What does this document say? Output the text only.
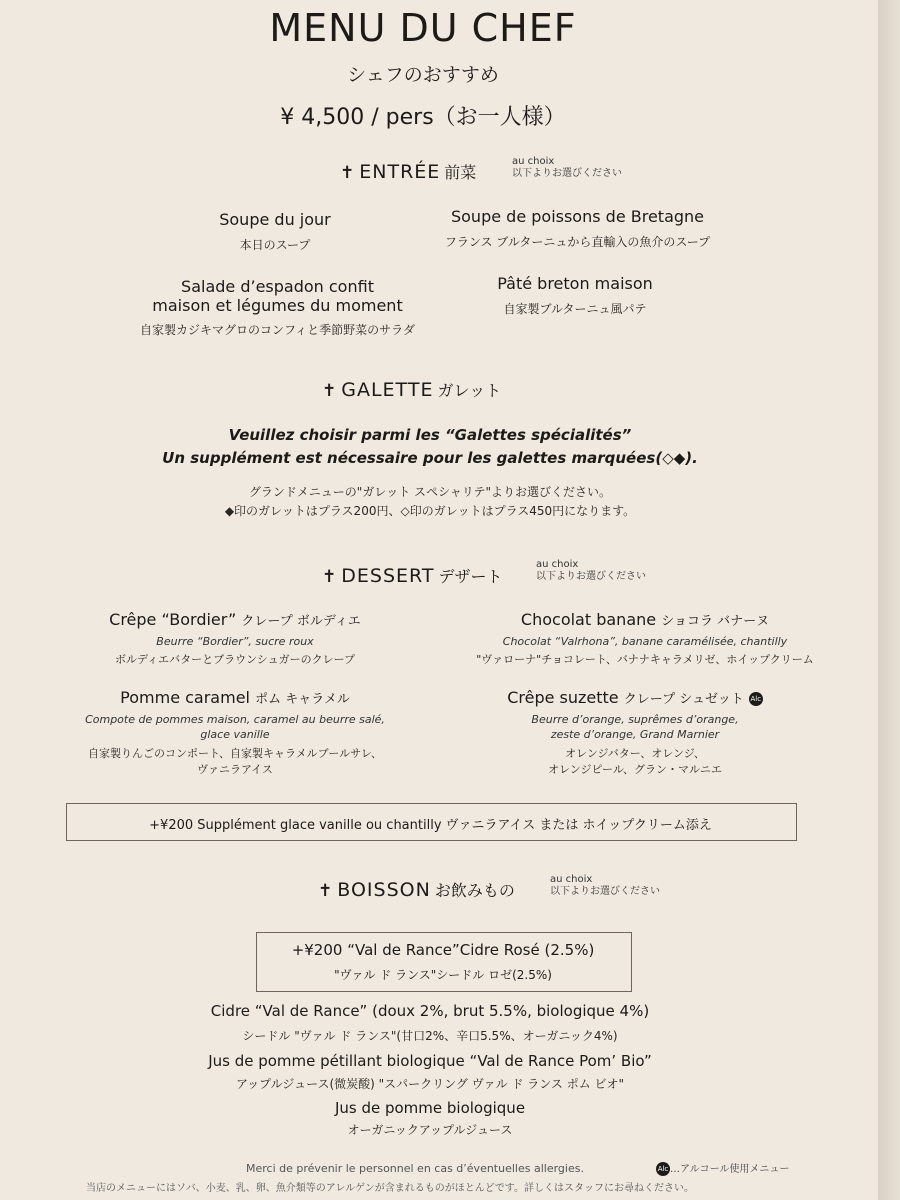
MENU DU CHEF
シェフのおすすめ
¥ 4,500 / pers（お一人様）
✝ ENTRÉE 前菜
au choix
以下よりお選びください
Soupe du jour
本日のスープ
Soupe de poissons de Bretagne
フランス ブルターニュから直輸入の魚介のスープ
Salade d’espadon confit
maison et légumes du moment
自家製カジキマグロのコンフィと季節野菜のサラダ
Pâté breton maison
自家製ブルターニュ風パテ
✝ GALETTE ガレット
Veuillez choisir parmi les “Galettes spécialités”
Un supplément est nécessaire pour les galettes marquées(◇◆).
グランドメニューの"ガレット スペシャリテ"よりお選びください。
◆印のガレットはプラス200円、◇印のガレットはプラス450円になります。
✝ DESSERT デザート
au choix
以下よりお選びください
Crêpe “Bordier” クレープ ボルディエ
Beurre “Bordier”, sucre roux
ボルディエバターとブラウンシュガーのクレープ
Chocolat banane ショコラ バナーヌ
Chocolat “Valrhona”, banane caramélisée, chantilly
"ヴァローナ"チョコレート、バナナキャラメリゼ、ホイップクリーム
Pomme caramel ポム キャラメル
Compote de pommes maison, caramel au beurre salé,
glace vanille
自家製りんごのコンポート、自家製キャラメルブールサレ、
ヴァニラアイス
Crêpe suzette クレープ シュゼット Alc
Beurre d’orange, suprêmes d’orange,
zeste d’orange, Grand Marnier
オレンジバター、オレンジ、
オレンジピール、グラン・マルニエ
+¥200 Supplément glace vanille ou chantilly ヴァニラアイス または ホイップクリーム添え
✝ BOISSON お飲みもの
au choix
以下よりお選びください
+¥200 “Val de Rance”Cidre Rosé (2.5%)
"ヴァル ド ランス"シードル ロゼ(2.5%)
Cidre “Val de Rance” (doux 2%, brut 5.5%, biologique 4%)
シードル "ヴァル ド ランス"(甘口2%、辛口5.5%、オーガニック4%)
Jus de pomme pétillant biologique “Val de Rance Pom’ Bio”
アップルジュース(微炭酸) "スパークリング ヴァル ド ランス ポム ビオ"
Jus de pomme biologique
オーガニックアップルジュース
Merci de prévenir le personnel en cas d’éventuelles allergies.	Alc …アルコール使用メニュー
当店のメニューにはソバ、小麦、乳、卵、魚介類等のアレルゲンが含まれるものがほとんどです。詳しくはスタッフにお尋ねください。
